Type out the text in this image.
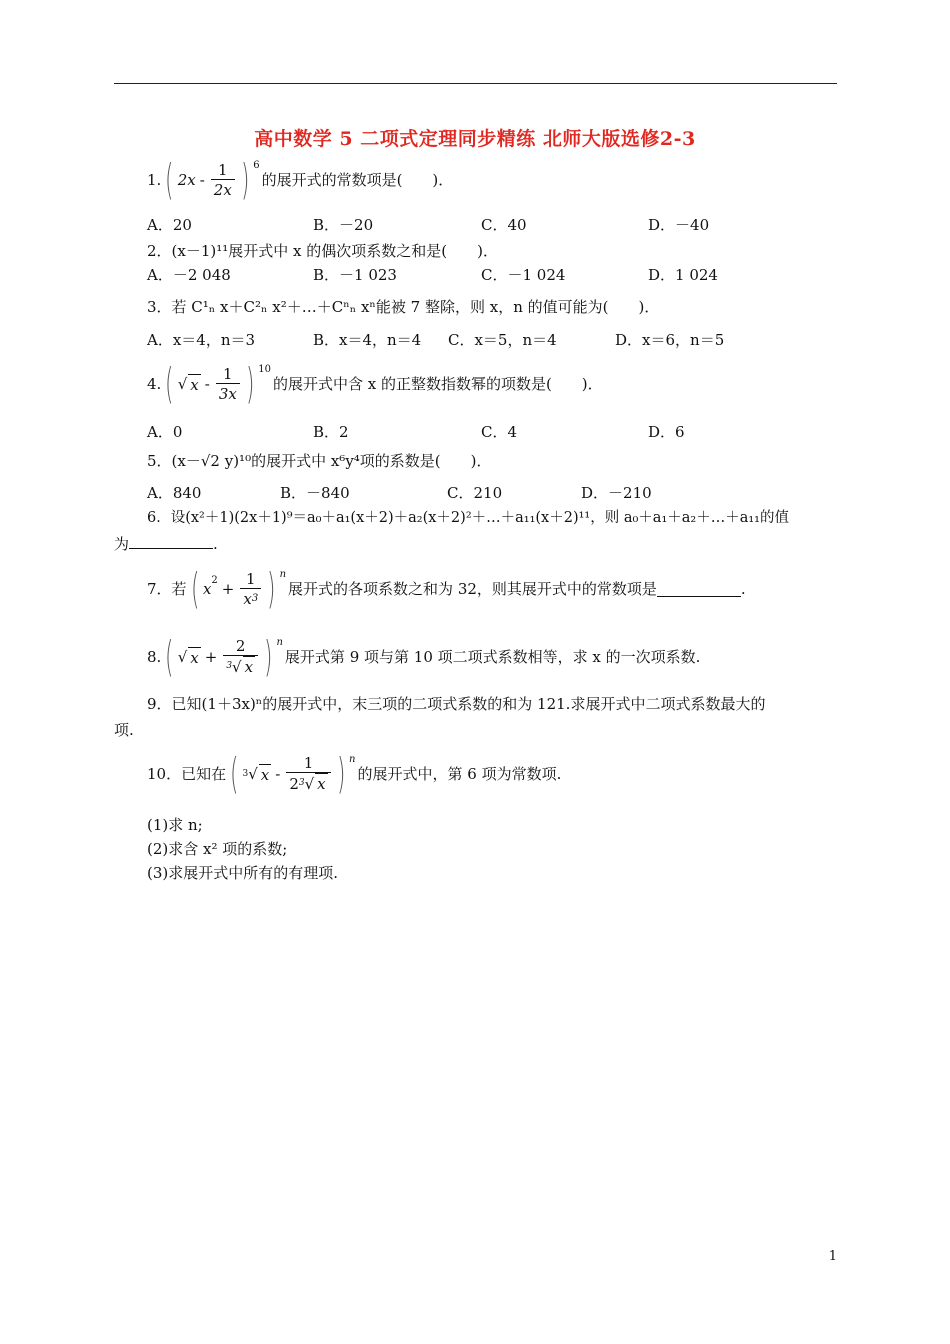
高中数学 5 二项式定理同步精练 北师大版选修2-3
1. ( $2x - \frac{1}{2x}$ ) 6
的展开式的常数项是(　　)．
A．20	B．－20	C．40	D．－40
2．(x－1)¹¹展开式中 x 的偶次项系数之和是(　　)．
A．－2 048	B．－1 023	C．－1 024	D．1 024
3．若 C¹ₙ x＋C²ₙ x²＋…＋Cⁿₙ xⁿ能被 7 整除，则 x，n 的值可能为(　　)．
A．x＝4，n＝3	B．x＝4，n＝4 C．x＝5，n＝4	D．x＝6，n＝5
4. ( √ x - $\frac{1}{3x}$ ) 10
的展开式中含 x 的正整数指数幂的项数是(　　)．
A．0	B．2	C．4	D．6
5．(x－√2 y)¹⁰的展开式中 x⁶y⁴项的系数是(　　)．
A．840	B．－840	C．210	D．－210
6．设(x²＋1)(2x＋1)⁹＝a₀＋a₁(x＋2)＋a₂(x＋2)²＋…＋a₁₁(x＋2)¹¹，则 a₀＋a₁＋a₂＋…＋a₁₁的值
为	.
7．若 ( x $2 + \frac{1}{x^3}$ ) n
展开式的各项系数之和为 32，则其展开式中的常数项是	.
8. ( √ $x + \frac{2}{^3√ x}$ ) n
展开式第 9 项与第 10 项二项式系数相等，求 x 的一次项系数.
9．已知(1＋3x)ⁿ的展开式中，末三项的二项式系数的和为 121.求展开式中二项式系数最大的
项.
10．已知在 ( 3 √ x - $\frac{1}{2^3√ x}$ ) n
的展开式中，第 6 项为常数项.
(1)求 n;
(2)求含 x² 项的系数;
(3)求展开式中所有的有理项.
1
